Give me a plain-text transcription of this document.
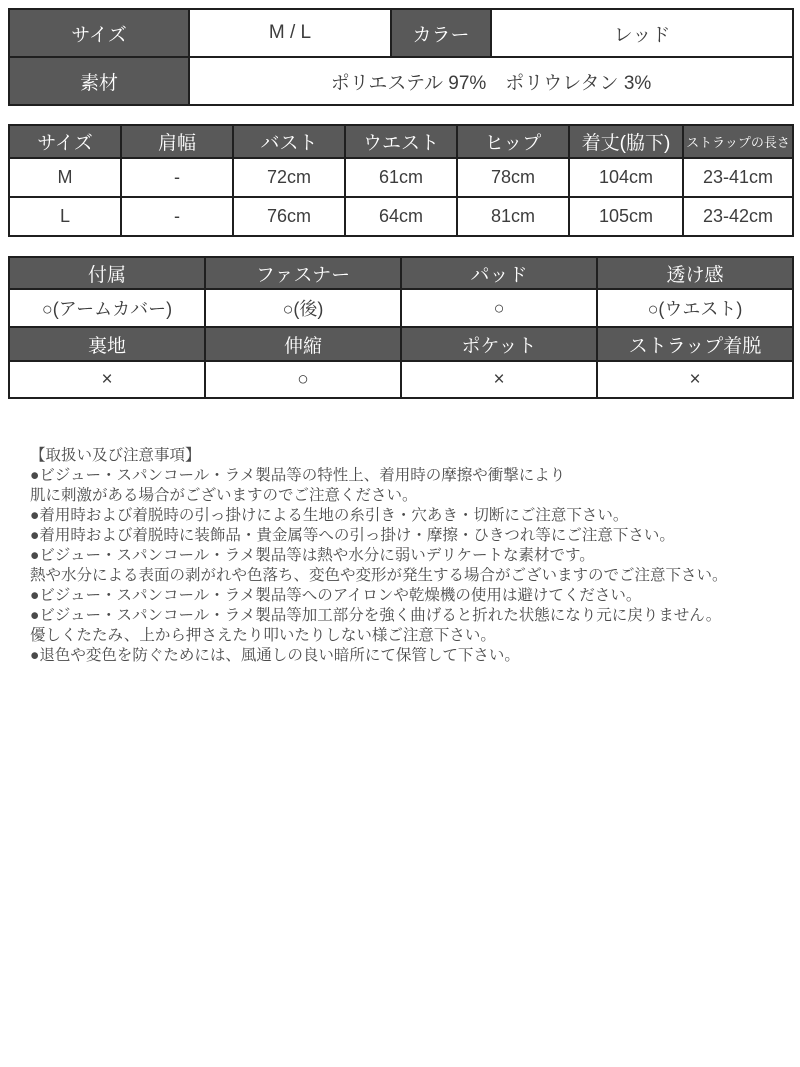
サイズ	M / L	カラー	レッド
素材	ポリエステル 97%　ポリウレタン 3%		
サイズ	肩幅	バスト	ウエスト	ヒップ	着丈(脇下)	ストラップの長さ
M	-	72cm	61cm	78cm	104cm	23-41cm
L	-	76cm	64cm	81cm	105cm	23-42cm
付属	ファスナー	パッド	透け感
○(アームカバー)	○(後)	○	○(ウエスト)
裏地	伸縮	ポケット	ストラップ着脱
×	○	×	×
【取扱い及び注意事項】
●ビジュー・スパンコール・ラメ製品等の特性上、着用時の摩擦や衝撃により
肌に刺激がある場合がございますのでご注意ください。
●着用時および着脱時の引っ掛けによる生地の糸引き・穴あき・切断にご注意下さい。
●着用時および着脱時に装飾品・貴金属等への引っ掛け・摩擦・ひきつれ等にご注意下さい。
●ビジュー・スパンコール・ラメ製品等は熱や水分に弱いデリケートな素材です。
熱や水分による表面の剥がれや色落ち、変色や変形が発生する場合がございますのでご注意下さい。
●ビジュー・スパンコール・ラメ製品等へのアイロンや乾燥機の使用は避けてください。
●ビジュー・スパンコール・ラメ製品等加工部分を強く曲げると折れた状態になり元に戻りません。
優しくたたみ、上から押さえたり叩いたりしない様ご注意下さい。
●退色や変色を防ぐためには、風通しの良い暗所にて保管して下さい。
